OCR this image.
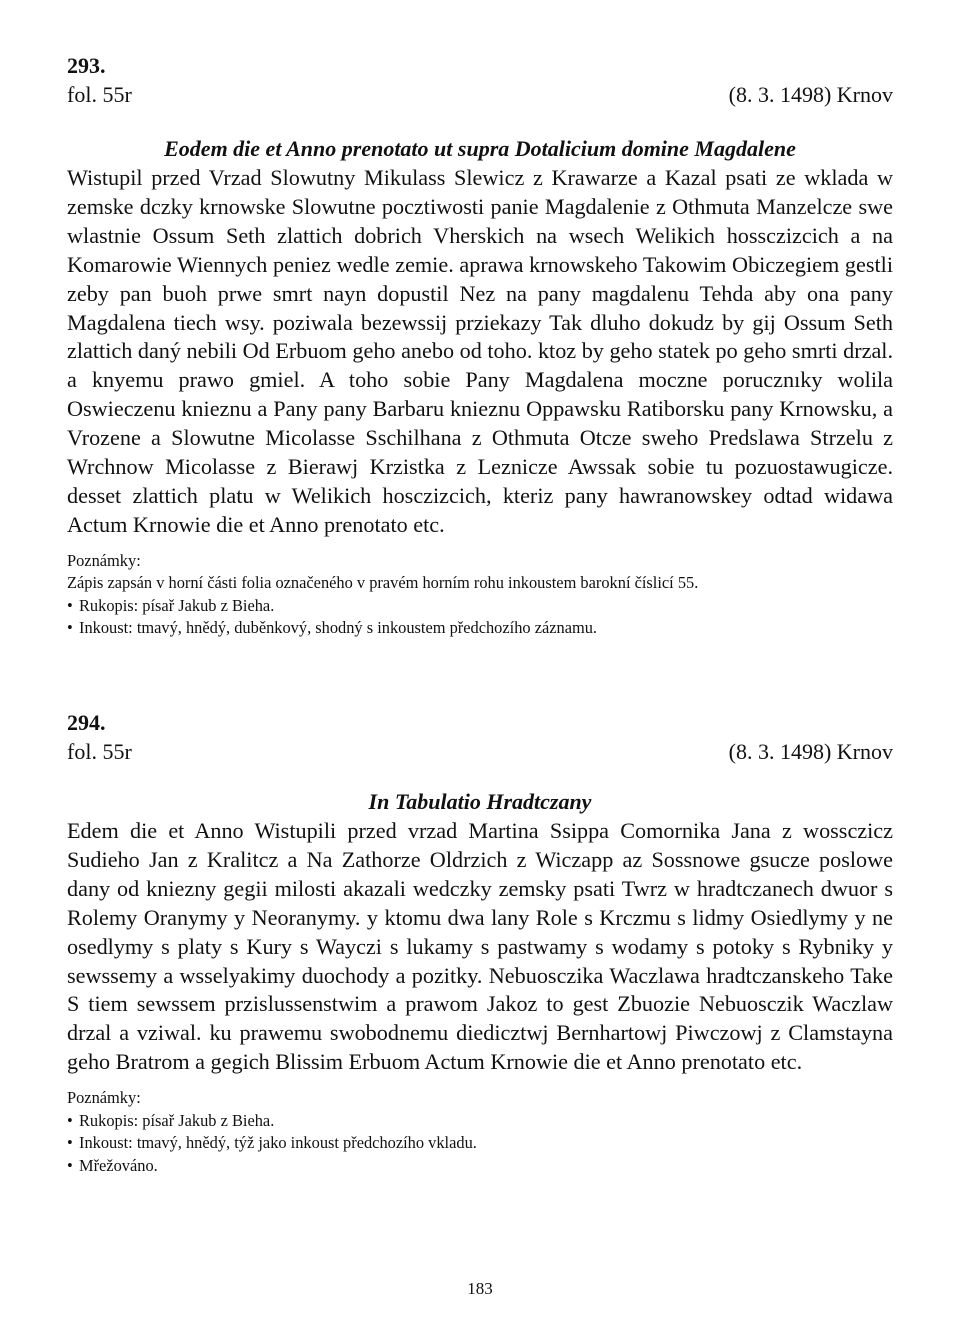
293.

fol. 55r	(8. 3. 1498) Krnov

Eodem die et Anno prenotato ut supra Dotalicium domine Magdalene

Wistupil przed Vrzad Slowutny Mikulass Slewicz z Krawarze a Kazal psati ze wklada w zemske dczky krnowske Slowutne pocztiwosti panie Magdalenie z Othmuta Manzelcze swe wlastnie Ossum Seth zlattich dobrich Vherskich na wsech Welikich hossczizcich a na Komarowie Wiennych peniez wedle zemie. aprawa krnowskeho Takowim Obiczegiem gestli zeby pan buoh prwe smrt nayn dopustil Nez na pany magdalenu Tehda aby ona pany Magdalena tiech wsy. poziwala bezewssij prziekazy Tak dluho dokudz by gij Ossum Seth zlattich daný nebili Od Erbuom geho anebo od toho. ktoz by geho statek po geho smrti drzal. a knyemu prawo gmiel. A toho sobie Pany Magdalena moczne porucznıky wolila Oswieczenu knieznu a Pany pany Barbaru knieznu Oppawsku Ratiborsku pany Krnowsku, a Vrozene a Slowutne Micolasse Sschilhana z Othmuta Otcze sweho Predslawa Strzelu z Wrchnow Micolasse z Bierawj Krzistka z Leznicze Awssak sobie tu pozuostawugicze. desset zlattich platu w Welikich hosczizcich, kteriz pany hawranowskey odtad widawa Actum Krnowie die et Anno prenotato etc.

Poznámky:

Zápis zapsán v horní části folia označeného v pravém horním rohu inkoustem barokní číslicí 55.

• Rukopis: písař Jakub z Bieha.
• Inkoust: tmavý, hnědý, duběnkový, shodný s inkoustem předchozího záznamu.

294.

fol. 55r	(8. 3. 1498) Krnov

In Tabulatio Hradtczany

Edem die et Anno Wistupili przed vrzad Martina Ssippa Comornika Jana z wossczicz Sudieho Jan z Kralitcz a Na Zathorze Oldrzich z Wiczapp az Sossnowe gsucze poslowe dany od kniezny gegii milosti akazali wedczky zemsky psati Twrz w hradtczanech dwuor s Rolemy Oranymy y Neoranymy. y ktomu dwa lany Role s Krczmu s lidmy Osiedlymy y ne osedlymy s platy s Kury s Wayczi s lukamy s pastwamy s wodamy s potoky s Rybniky y sewssemy a wsselyakimy duochody a pozitky. Nebuosczika Waczlawa hradtczanskeho Take S tiem sewssem przislussenstwim a prawom Jakoz to gest Zbuozie Nebuosczik Waczlaw drzal a vziwal. ku prawemu swobodnemu diedicztwj Bernhartowj Piwczowj z Clamstayna geho Bratrom a gegich Blissim Erbuom Actum Krnowie die et Anno prenotato etc.

Poznámky:

• Rukopis: písař Jakub z Bieha.
• Inkoust: tmavý, hnědý, týž jako inkoust předchozího vkladu.
• Mřežováno.
183
